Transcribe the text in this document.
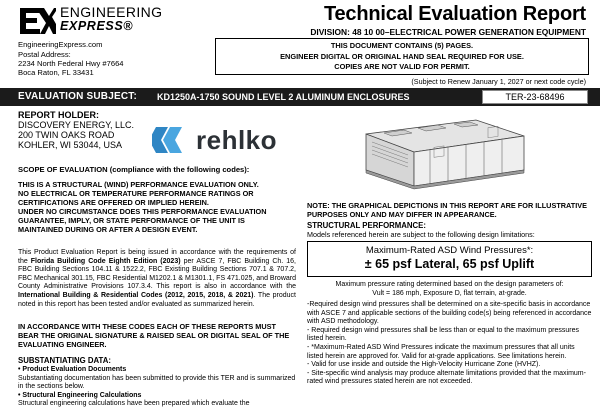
ENGINEERING
EXPRESS®
EngineeringExpress.com
Postal Address:
2234 North Federal Hwy #7664
Boca Raton, FL 33431
Technical Evaluation Report
DIVISION: 48 10 00–ELECTRICAL POWER GENERATION EQUIPMENT
THIS DOCUMENT CONTAINS (5) PAGES.
ENGINEER DIGITAL OR ORIGINAL HAND SEAL REQUIRED FOR USE.
COPIES ARE NOT VALID FOR PERMIT.
(Subject to Renew January 1, 2027 or next code cycle)
EVALUATION SUBJECT: KD1250A-1750 SOUND LEVEL 2 ALUMINUM ENCLOSURES	TER-23-68496
REPORT HOLDER:
DISCOVERY ENERGY, LLC.
200 TWIN OAKS ROAD
KOHLER, WI 53044, USA	rehlko
SCOPE OF EVALUATION (compliance with the following codes):
THIS IS A STRUCTURAL (WIND) PERFORMANCE EVALUATION ONLY.
NO ELECTRICAL OR TEMPERATURE PERFORMANCE RATINGS OR
CERTIFICATIONS ARE OFFERED OR IMPLIED HEREIN.
UNDER NO CIRCUMSTANCE DOES THIS PERFORMANCE EVALUATION
GUARANTEE, IMPLY, OR STATE PERFORMANCE OF THE UNIT IS
MAINTAINED DURING OR AFTER A DESIGN EVENT.
This Product Evaluation Report is being issued in accordance with the requirements of the Florida Building Code Eighth Edition (2023) per ASCE 7, FBC Building Ch. 16, FBC Building Sections 104.11 & 1522.2, FBC Existing Building Sections 707.1 & 707.2, FBC Mechanical 301.15, FBC Residential M1202.1 & M1301.1, FS 471.025, and Broward County Administrative Provisions 107.3.4. This report is also in accordance with the International Building & Residential Codes (2012, 2015, 2018, & 2021). The product noted in this report has been tested and/or evaluated as summarized herein.
IN ACCORDANCE WITH THESE CODES EACH OF THESE REPORTS MUST BEAR THE ORIGINAL SIGNATURE & RAISED SEAL OR DIGITAL SEAL OF THE EVALUATING ENGINEER.
SUBSTANTIATING DATA:
• Product Evaluation Documents
Substantiating documentation has been submitted to provide this TER and is summarized in the sections below.
• Structural Engineering Calculations
Structural engineering calculations have been prepared which evaluate the
NOTE: THE GRAPHICAL DEPICTIONS IN THIS REPORT ARE FOR ILLUSTRATIVE PURPOSES ONLY AND MAY DIFFER IN APPEARANCE.
STRUCTURAL PERFORMANCE:
Models referenced herein are subject to the following design limitations:
Maximum-Rated ASD Wind Pressures*:
± 65 psf Lateral, 65 psf Uplift
Maximum pressure rating determined based on the design parameters of:
Vult = 186 mph, Exposure D, flat terrain, at-grade.
-Required design wind pressures shall be determined on a site-specific basis in accordance with ASCE 7 and applicable sections of the building code(s) being referenced in accordance with ASD methodology.
- Required design wind pressures shall be less than or equal to the maximum pressures listed herein.
- *Maximum-Rated ASD Wind Pressures indicate the maximum pressures that all units listed herein are approved for. Valid for at-grade applications. See limitations herein.
- Valid for use inside and outside the High-Velocity Hurricane Zone (HVHZ).
- Site-specific wind analysis may produce alternate limitations provided that the maximum-rated wind pressures stated herein are not exceeded.
